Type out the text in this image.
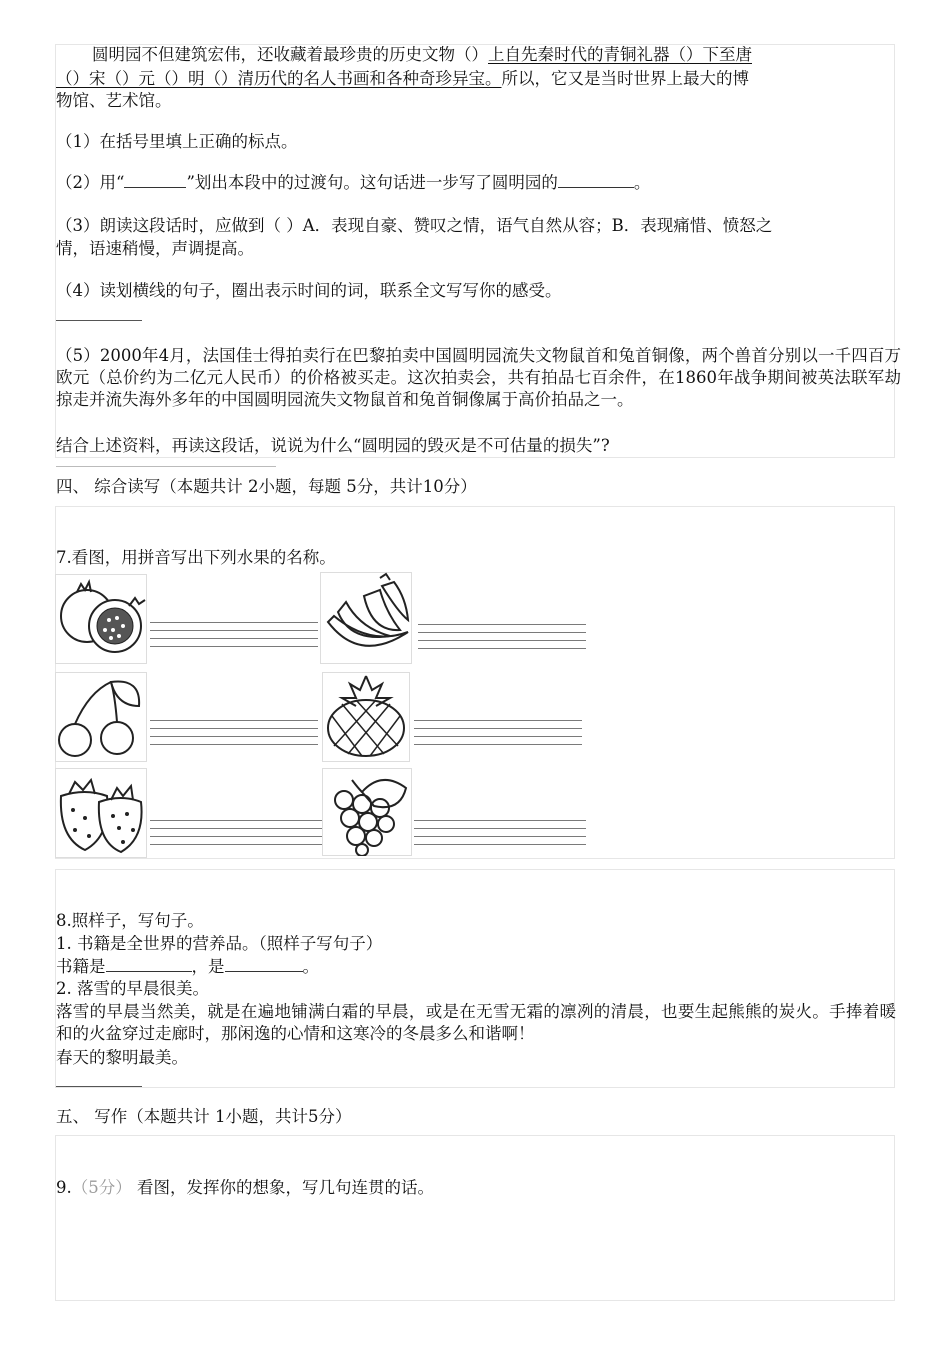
圆明园不但建筑宏伟，还收藏着最珍贵的历史文物（）上自先秦时代的青铜礼器（）下至唐
（）宋（）元（）明（）清历代的名人书画和各种奇珍异宝。所以，它又是当时世界上最大的博
物馆、艺术馆。
（1）在括号里填上正确的标点。
（2）用“	”划出本段中的过渡句。这句话进一步写了圆明园的	。
（3）朗读这段话时，应做到（ ）A．表现自豪、赞叹之情，语气自然从容；B．表现痛惜、愤怒之
情，语速稍慢，声调提高。
（4）读划横线的句子，圈出表示时间的词，联系全文写写你的感受。
（5）2000年4月，法国佳士得拍卖行在巴黎拍卖中国圆明园流失文物鼠首和兔首铜像，两个兽首分别以一千四百万欧元（总价约为二亿元人民币）的价格被买走。这次拍卖会，共有拍品七百余件，在1860年战争期间被英法联军劫掠走并流失海外多年的中国圆明园流失文物鼠首和兔首铜像属于高价拍品之一。
结合上述资料，再读这段话，说说为什么“圆明园的毁灭是不可估量的损失”?
四、 综合读写（本题共计 2小题，每题 5分，共计10分）
7.看图，用拼音写出下列水果的名称。
8.照样子，写句子。
1. 书籍是全世界的营养品。（照样子写句子）
书籍是	，是	。
2. 落雪的早晨很美。
落雪的早晨当然美，就是在遍地铺满白霜的早晨，或是在无雪无霜的凛冽的清晨，也要生起熊熊的炭火。手捧着暖和的火盆穿过走廊时，那闲逸的心情和这寒冷的冬晨多么和谐啊！
春天的黎明最美。
五、 写作（本题共计 1小题，共计5分）
9.（5分） 看图，发挥你的想象，写几句连贯的话。
